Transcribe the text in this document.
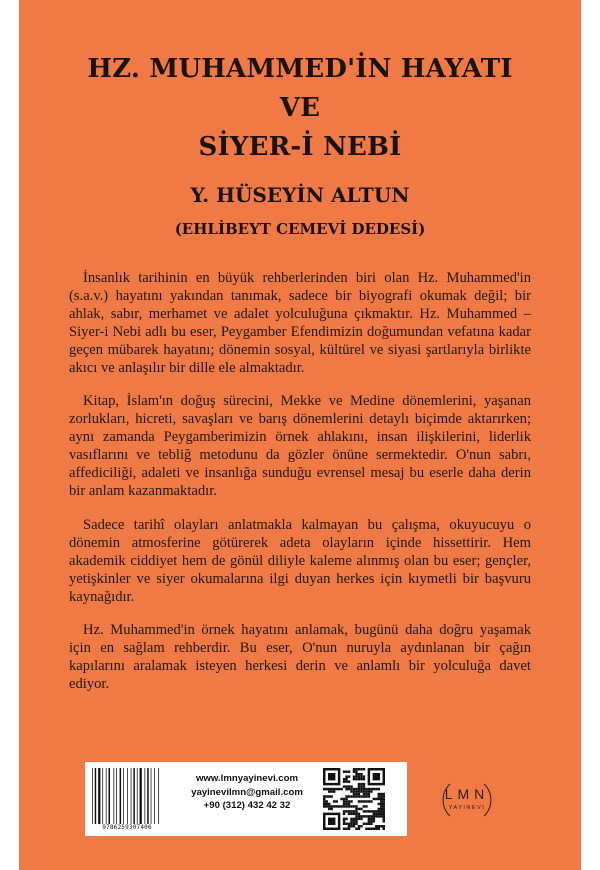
HZ. MUHAMMED'İN HAYATI
VE
SİYER-İ NEBİ
Y. HÜSEYİN ALTUN
(EHLİBEYT CEMEVİ DEDESİ)

İnsanlık tarihinin en büyük rehberlerinden biri olan Hz. Muhammed'in (s.a.v.) hayatını yakından tanımak, sadece bir biyografi okumak değil; bir ahlak, sabır, merhamet ve adalet yolculuğuna çıkmaktır. Hz. Muhammed – Siyer-i Nebi adlı bu eser, Peygamber Efendimizin doğumundan vefatına kadar geçen mübarek hayatını; dönemin sosyal, kültürel ve siyasi şartlarıyla birlikte akıcı ve anlaşılır bir dille ele almaktadır.

Kitap, İslam'ın doğuş sürecini, Mekke ve Medine dönemlerini, yaşanan zorlukları, hicreti, savaşları ve barış dönemlerini detaylı biçimde aktarırken; aynı zamanda Peygamberimizin örnek ahlakını, insan ilişkilerini, liderlik vasıflarını ve tebliğ metodunu da gözler önüne sermektedir. O'nun sabrı, affediciliği, adaleti ve insanlığa sunduğu evrensel mesaj bu eserle daha derin bir anlam kazanmaktadır.

Sadece tarihî olayları anlatmakla kalmayan bu çalışma, okuyucuyu o dönemin atmosferine götürerek adeta olayların içinde hissettirir. Hem akademik ciddiyet hem de gönül diliyle kaleme alınmış olan bu eser; gençler, yetişkinler ve siyer okumalarına ilgi duyan herkes için kıymetli bir başvuru kaynağıdır.

Hz. Muhammed'in örnek hayatını anlamak, bugünü daha doğru yaşamak için en sağlam rehberdir. Bu eser, O'nun nuruyla aydınlanan bir çağın kapılarını aralamak isteyen herkesi derin ve anlamlı bir yolculuğa davet ediyor.

9786259307406
www.lmnyayinevi.com
yayinevilmn@gmail.com
+90 (312) 432 42 32
LMN
YAYINEVİ
